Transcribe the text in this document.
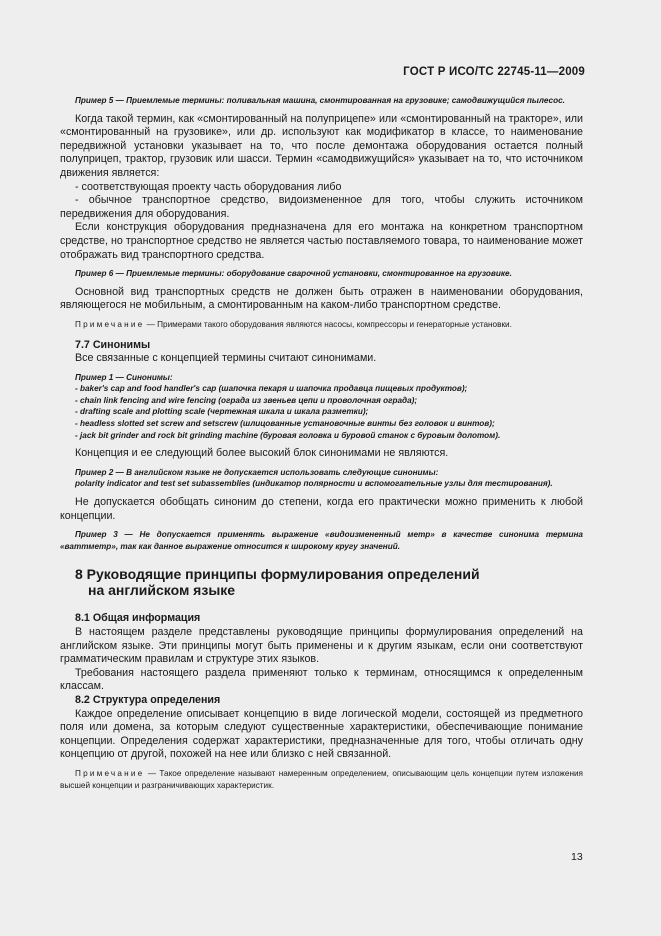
ГОСТ Р ИСО/ТС 22745-11—2009

Пример 5 — Приемлемые термины: поливальная машина, смонтированная на грузовике; самодвижущийся пылесос.

Когда такой термин, как «смонтированный на полуприцепе» или «смонтированный на тракторе», или «смонтированный на грузовике», или др. используют как модификатор в классе, то наименование передвижной установки указывает на то, что после демонтажа оборудования остается полный полуприцеп, трактор, грузовик или шасси. Термин «самодвижущийся» указывает на то, что источником движения является:

- соответствующая проекту часть оборудования либо

- обычное транспортное средство, видоизмененное для того, чтобы служить источником передвижения для оборудования.

Если конструкция оборудования предназначена для его монтажа на конкретном транспортном средстве, но транспортное средство не является частью поставляемого товара, то наименование может отображать вид транспортного средства.

Пример 6 — Приемлемые термины: оборудование сварочной установки, смонтированное на грузовике.

Основной вид транспортных средств не должен быть отражен в наименовании оборудования, являющегося не мобильным, а смонтированным на каком-либо транспортном средстве.

Примечание — Примерами такого оборудования являются насосы, компрессоры и генераторные установки.

7.7 Синонимы

Все связанные с концепцией термины считают синонимами.

Пример 1 — Синонимы:

- baker's cap and food handler's cap (шапочка пекаря и шапочка продавца пищевых продуктов);
- chain link fencing and wire fencing (ограда из звеньев цепи и проволочная ограда);
- drafting scale and plotting scale (чертежная шкала и шкала разметки);
- headless slotted set screw and setscrew (шлицованные установочные винты без головок и винтов);
- jack bit grinder and rock bit grinding machine (буровая головка и буровой станок с буровым долотом).

Концепция и ее следующий более высокий блок синонимами не являются.

Пример 2 — В английском языке не допускается использовать следующие синонимы:

polarity indicator and test set subassemblies (индикатор полярности и вспомогательные узлы для тестирования).

Не допускается обобщать синоним до степени, когда его практически можно применить к любой концепции.

Пример 3 — Не допускается применять выражение «видоизмененный метр» в качестве синонима термина «ваттметр», так как данное выражение относится к широкому кругу значений.

8 Руководящие принципы формулирования определений
на английском языке

8.1 Общая информация

В настоящем разделе представлены руководящие принципы формулирования определений на английском языке. Эти принципы могут быть применены и к другим языкам, если они соответствуют грамматическим правилам и структуре этих языков.

Требования настоящего раздела применяют только к терминам, относящимся к определенным классам.

8.2 Структура определения

Каждое определение описывает концепцию в виде логической модели, состоящей из предметного поля или домена, за которым следуют существенные характеристики, обеспечивающие понимание концепции. Определения содержат характеристики, предназначенные для того, чтобы отличать одну концепцию от другой, похожей на нее или близко с ней связанной.

Примечание — Такое определение называют намеренным определением, описывающим цель концепции путем изложения высшей концепции и разграничивающих характеристик.

13
